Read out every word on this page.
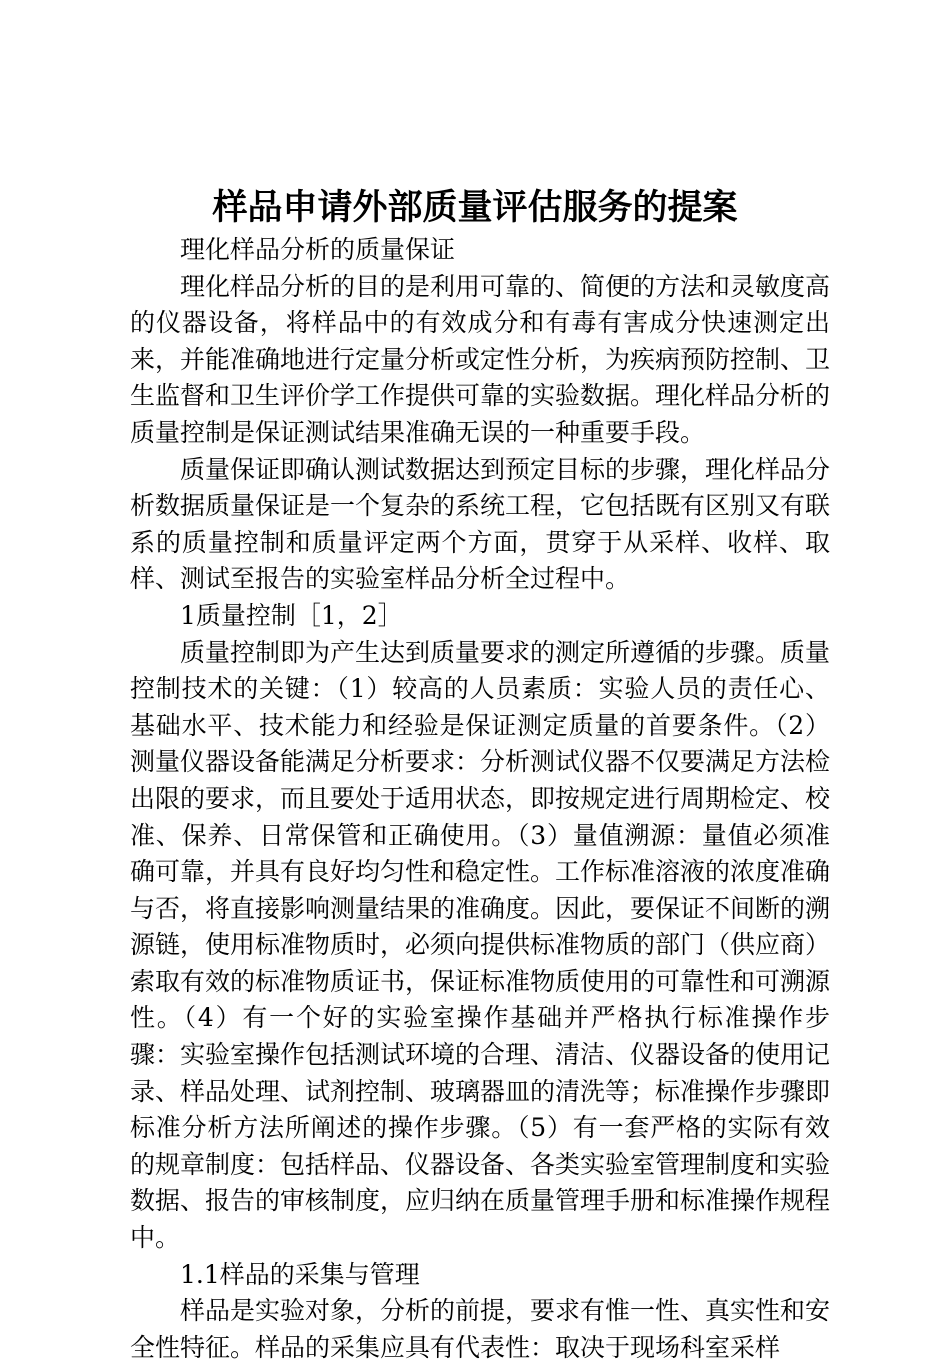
样品申请外部质量评估服务的提案

理化样品分析的质量保证

理化样品分析的目的是利用可靠的、简便的方法和灵敏度高的仪器设备，将样品中的有效成分和有毒有害成分快速测定出来，并能准确地进行定量分析或定性分析，为疾病预防控制、卫生监督和卫生评价学工作提供可靠的实验数据。理化样品分析的质量控制是保证测试结果准确无误的一种重要手段。

质量保证即确认测试数据达到预定目标的步骤，理化样品分析数据质量保证是一个复杂的系统工程，它包括既有区别又有联系的质量控制和质量评定两个方面，贯穿于从采样、收样、取样、测试至报告的实验室样品分析全过程中。

1质量控制［1，2］

质量控制即为产生达到质量要求的测定所遵循的步骤。质量控制技术的关键：（1）较高的人员素质：实验人员的责任心、基础水平、技术能力和经验是保证测定质量的首要条件。（2）测量仪器设备能满足分析要求：分析测试仪器不仅要满足方法检出限的要求，而且要处于适用状态，即按规定进行周期检定、校准、保养、日常保管和正确使用。（3）量值溯源：量值必须准确可靠，并具有良好均匀性和稳定性。工作标准溶液的浓度准确与否，将直接影响测量结果的准确度。因此，要保证不间断的溯源链，使用标准物质时，必须向提供标准物质的部门（供应商）索取有效的标准物质证书，保证标准物质使用的可靠性和可溯源性。（4）有一个好的实验室操作基础并严格执行标准操作步骤：实验室操作包括测试环境的合理、清洁、仪器设备的使用记录、样品处理、试剂控制、玻璃器皿的清洗等；标准操作步骤即标准分析方法所阐述的操作步骤。（5）有一套严格的实际有效的规章制度：包括样品、仪器设备、各类实验室管理制度和实验数据、报告的审核制度，应归纳在质量管理手册和标准操作规程中。

1.1样品的采集与管理

样品是实验对象，分析的前提，要求有惟一性、真实性和安全性特征。样品的采集应具有代表性：取决于现场科室采样
